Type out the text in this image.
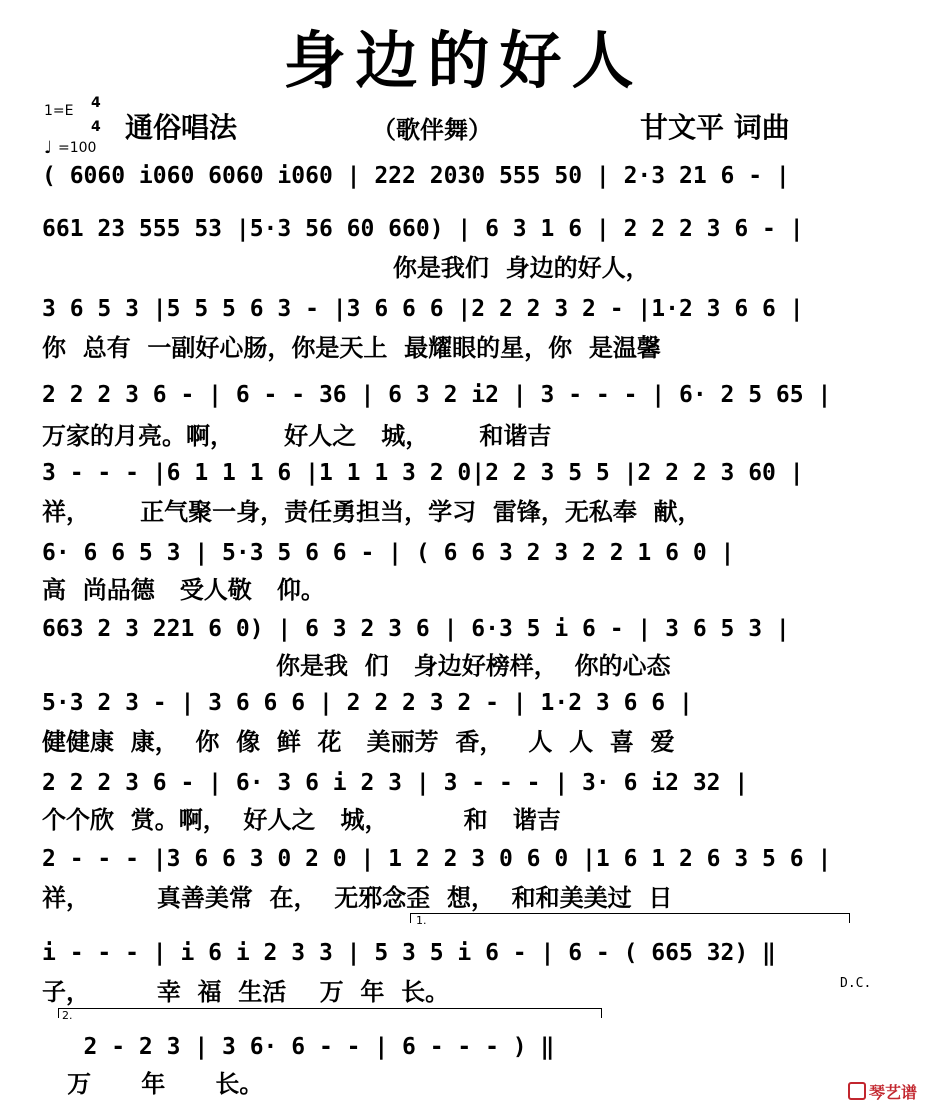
身边的好人
1=E 4
4
♩ =100
通俗唱法	（歌伴舞）	甘文平 词曲
( 6060 i060 6060 i060 | 222 2030 555 50 | 2·3 21 6 - |
661 23 555 53 |5·3 56 60 660) | 6 3 1 6 | 2 2 2 3 6 - |
你是我们  身边的好人，
3 6 5 3 |5 5 5 6 3 - |3 6 6 6 |2 2 2 3 2 - |1·2 3 6 6 |
你  总有  一副好心肠，你是天上  最耀眼的星，你  是温馨
2 2 2 3 6 - | 6 - - 36 | 6 3 2 i2 | 3 - - - | 6· 2 5 65 |
万家的月亮。啊，      好人之   城，      和谐吉
3 - - - |6 1 1 1 6 |1 1 1 3 2 0|2 2 3 5 5 |2 2 2 3 60 |
祥，      正气聚一身，责任勇担当，学习  雷锋，无私奉  献，
6· 6 6 5 3 | 5·3 5 6 6 - | ( 6 6 3 2 3 2 2 1 6 0 |
高  尚品德   受人敬   仰。
663 2 3 221 6 0) | 6 3 2 3 6 | 6·3 5 i 6 - | 3 6 5 3 |
你是我  们   身边好榜样，  你的心态
5·3 2 3 - | 3 6 6 6 | 2 2 2 3 2 - | 1·2 3 6 6 |
健健康  康，  你  像  鲜  花   美丽芳  香，   人  人  喜  爱
2 2 2 3 6 - | 6· 3 6 i 2 3 | 3 - - - | 3· 6 i2 32 |
个个欣  赏。啊，  好人之   城，         和   谐吉
2 - - - |3 6 6 3 0 2 0 | 1 2 2 3 0 6 0 |1 6 1 2 6 3 5 6 |
祥，        真善美常  在，  无邪念歪  想，  和和美美过  日
1.
i - - - | i 6 i 2 3 3 | 5 3 5 i 6 - | 6 - ( 665 32) ‖
子，        幸  福  生活    万  年  长。	D.C.
2.
2 - 2 3 | 3 6· 6 - - | 6 - - - ) ‖
万      年      长。	琴艺谱
